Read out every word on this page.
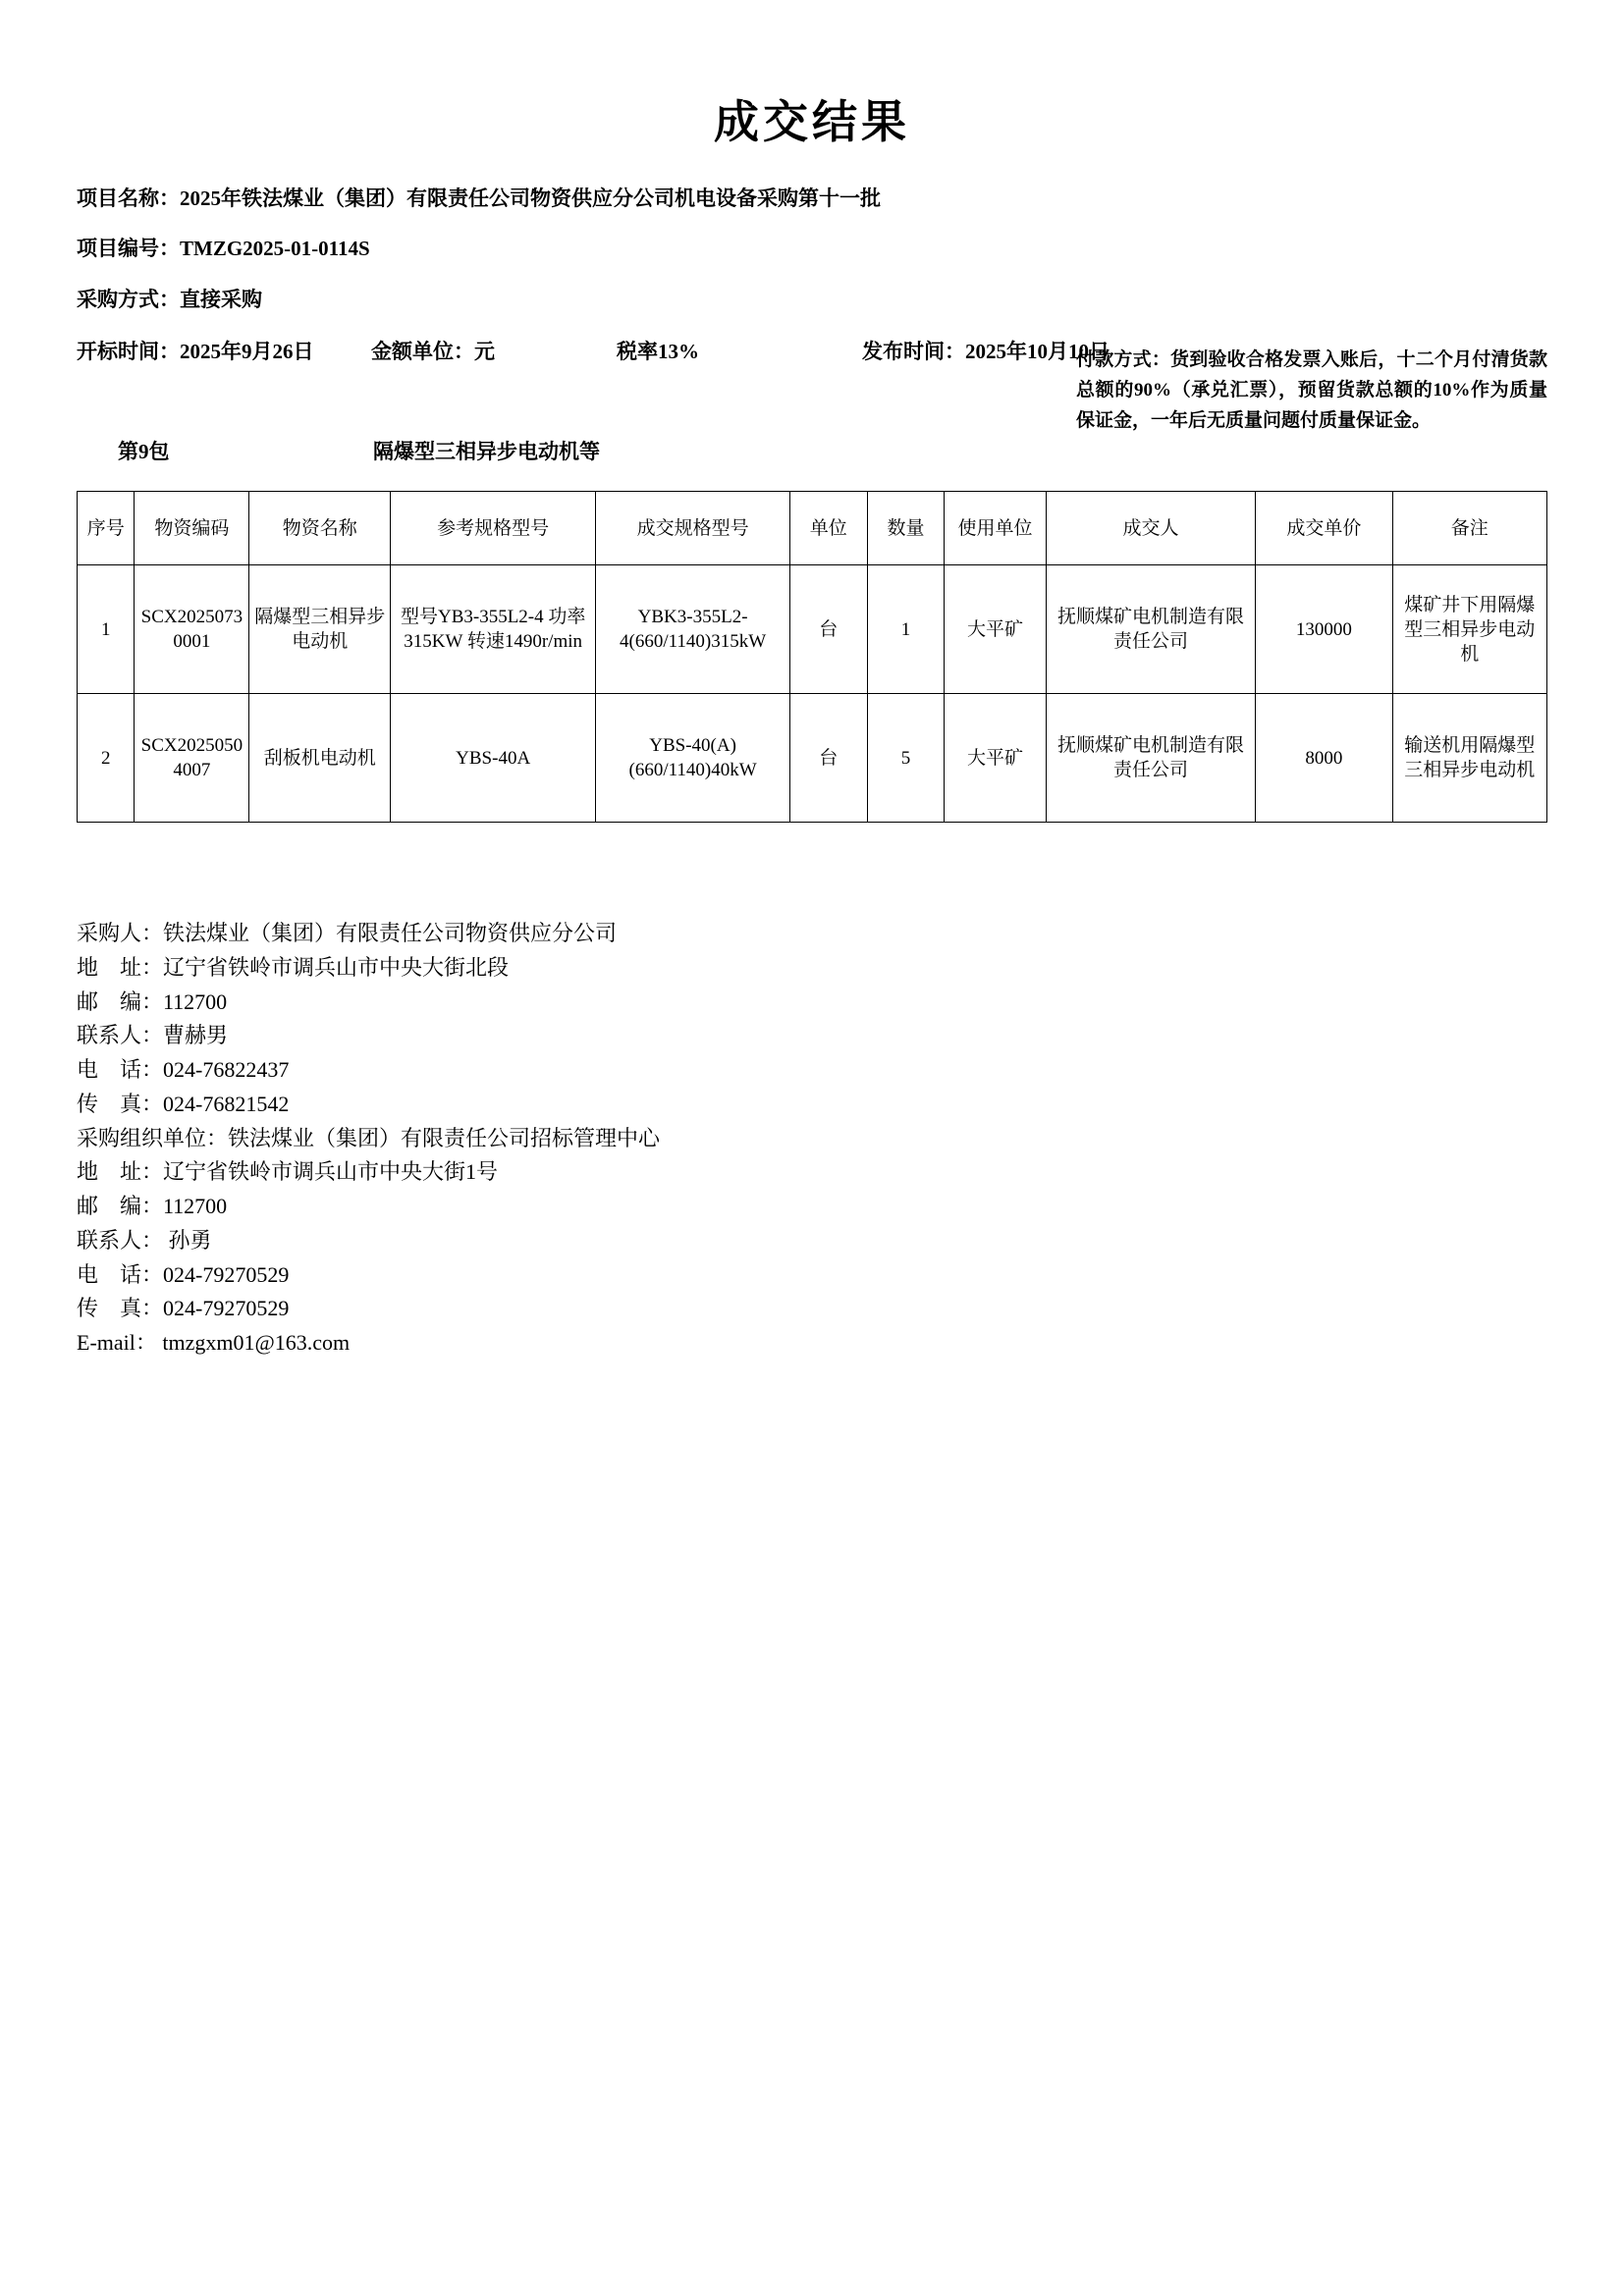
成交结果
项目名称：2025年铁法煤业（集团）有限责任公司物资供应分公司机电设备采购第十一批
项目编号：TMZG2025-01-0114S
采购方式：直接采购
开标时间：2025年9月26日	金额单位：元	税率13%	发布时间：2025年10月10日
付款方式：货到验收合格发票入账后，十二个月付清货款总额的90%（承兑汇票），预留货款总额的10%作为质量保证金，一年后无质量问题付质量保证金。
第9包	隔爆型三相异步电动机等
序号	物资编码	物资名称	参考规格型号	成交规格型号	单位	数量	使用单位	成交人	成交单价	备注
1	SCX20250730001	隔爆型三相异步电动机	型号YB3-355L2-4 功率315KW 转速1490r/min	YBK3-355L2-4(660/1140)315kW	台	1	大平矿	抚顺煤矿电机制造有限责任公司	130000	煤矿井下用隔爆型三相异步电动机
2	SCX20250504007	刮板机电动机	YBS-40A	YBS-40(A)(660/1140)40kW	台	5	大平矿	抚顺煤矿电机制造有限责任公司	8000	输送机用隔爆型三相异步电动机
采购人：铁法煤业（集团）有限责任公司物资供应分公司
地　址：辽宁省铁岭市调兵山市中央大街北段
邮　编：112700
联系人：曹赫男
电　话：024-76822437
传　真：024-76821542
采购组织单位：铁法煤业（集团）有限责任公司招标管理中心
地　址：辽宁省铁岭市调兵山市中央大街1号
邮　编：112700
联系人： 孙勇
电　话：024-79270529
传　真：024-79270529
E-mail： tmzgxm01@163.com
